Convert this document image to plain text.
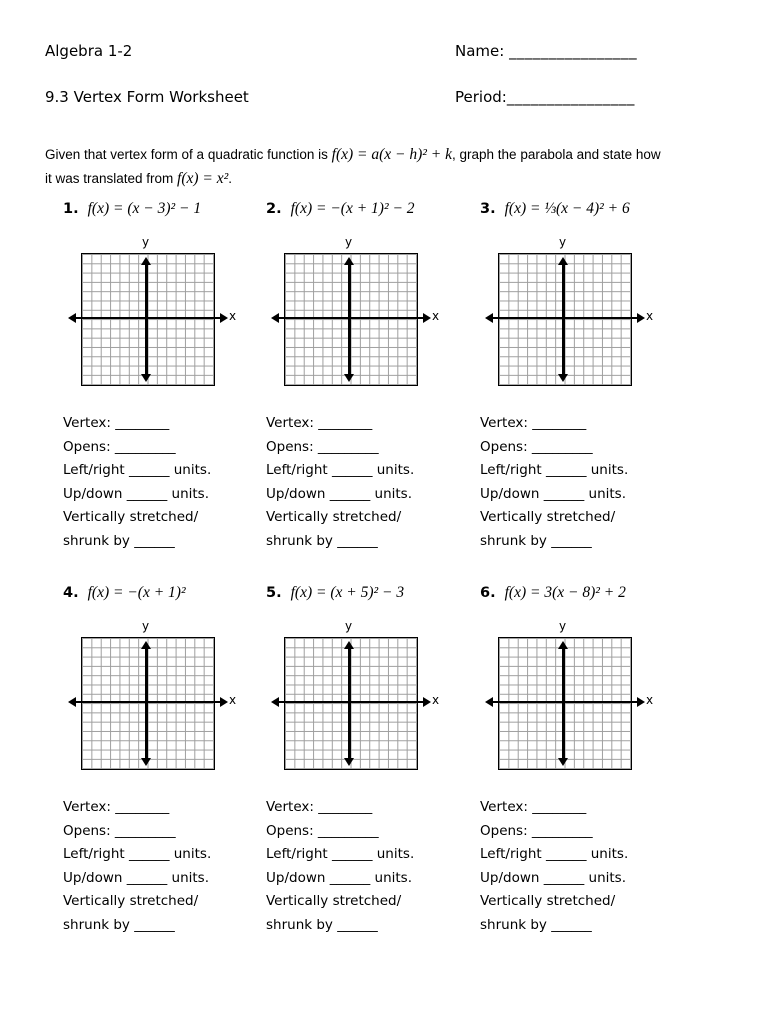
Algebra 1-2	Name: ________________
9.3 Vertex Form Worksheet	Period:________________
Given that vertex form of a quadratic function is f(x) = a(x − h)² + k, graph the parabola and state how
it was translated from f(x) = x².
1. f(x) = (x − 3)² − 1
y
x
Vertex: ________
Opens: _________
Left/right ______ units.
Up/down ______ units.
Vertically stretched/
shrunk by ______
2. f(x) = −(x + 1)² − 2
y
x
Vertex: ________
Opens: _________
Left/right ______ units.
Up/down ______ units.
Vertically stretched/
shrunk by ______
3. f(x) = ⅓(x − 4)² + 6
y
x
Vertex: ________
Opens: _________
Left/right ______ units.
Up/down ______ units.
Vertically stretched/
shrunk by ______
4. f(x) = −(x + 1)²
y
x
Vertex: ________
Opens: _________
Left/right ______ units.
Up/down ______ units.
Vertically stretched/
shrunk by ______
5. f(x) = (x + 5)² − 3
y
x
Vertex: ________
Opens: _________
Left/right ______ units.
Up/down ______ units.
Vertically stretched/
shrunk by ______
6. f(x) = 3(x − 8)² + 2
y
x
Vertex: ________
Opens: _________
Left/right ______ units.
Up/down ______ units.
Vertically stretched/
shrunk by ______
